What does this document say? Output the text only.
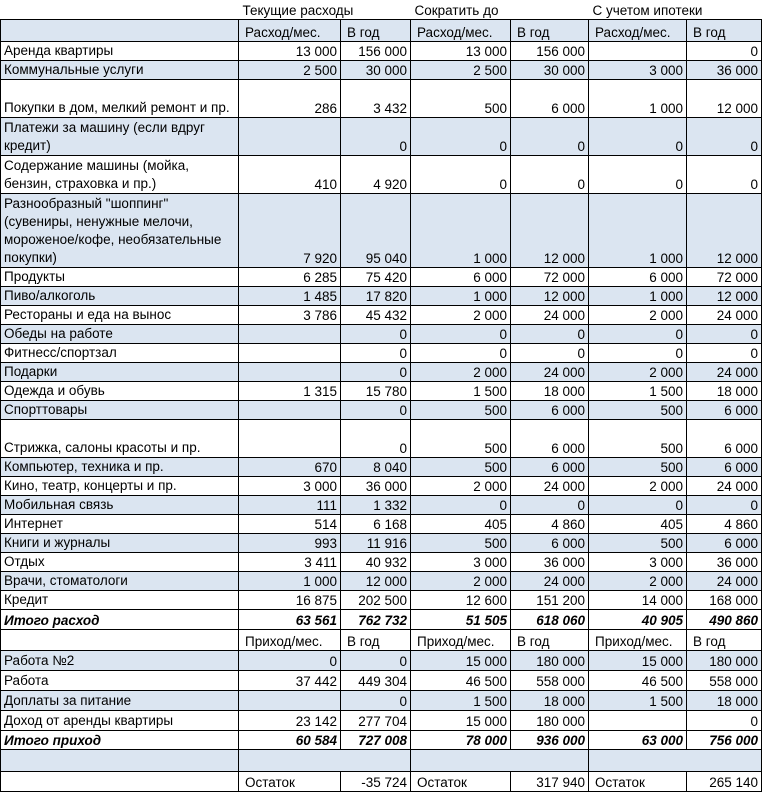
	Текущие расходы		Сократить до		С учетом ипотеки	
	Расход/мес.	В год	Расход/мес.	В год	Расход/мес.	В год
Аренда квартиры	13 000	156 000	13 000	156 000		0
Коммунальные услуги	2 500	30 000	2 500	30 000	3 000	36 000
Покупки в дом, мелкий ремонт и пр.	286	3 432	500	6 000	1 000	12 000
Платежи за машину (если вдруг кредит)		0	0	0	0	0
Содержание машины (мойка, бензин, страховка и пр.)	410	4 920	0	0	0	0
Разнообразный "шоппинг" (сувениры, ненужные мелочи, мороженое/кофе, необязательные покупки)	7 920	95 040	1 000	12 000	1 000	12 000
Продукты	6 285	75 420	6 000	72 000	6 000	72 000
Пиво/алкоголь	1 485	17 820	1 000	12 000	1 000	12 000
Рестораны и еда на вынос	3 786	45 432	2 000	24 000	2 000	24 000
Обеды на работе		0	0	0	0	0
Фитнесс/спортзал		0	0	0	0	0
Подарки		0	2 000	24 000	2 000	24 000
Одежда и обувь	1 315	15 780	1 500	18 000	1 500	18 000
Спорттовары		0	500	6 000	500	6 000
Стрижка, салоны красоты и пр.		0	500	6 000	500	6 000
Компьютер, техника и пр.	670	8 040	500	6 000	500	6 000
Кино, театр, концерты и пр.	3 000	36 000	2 000	24 000	2 000	24 000
Мобильная связь	111	1 332	0	0	0	0
Интернет	514	6 168	405	4 860	405	4 860
Книги и журналы	993	11 916	500	6 000	500	6 000
Отдых	3 411	40 932	3 000	36 000	3 000	36 000
Врачи, стоматологи	1 000	12 000	2 000	24 000	2 000	24 000
Кредит	16 875	202 500	12 600	151 200	14 000	168 000
Итого расход	63 561	762 732	51 505	618 060	40 905	490 860
	Приход/мес.	В год	Приход/мес.	В год	Приход/мес.	В год
Работа №2	0	0	15 000	180 000	15 000	180 000
Работа	37 442	449 304	46 500	558 000	46 500	558 000
Доплаты за питание		0	1 500	18 000	1 500	18 000
Доход от аренды квартиры	23 142	277 704	15 000	180 000		0
Итого приход	60 584	727 008	78 000	936 000	63 000	756 000

	Остаток	-35 724	Остаток	317 940	Остаток	265 140
